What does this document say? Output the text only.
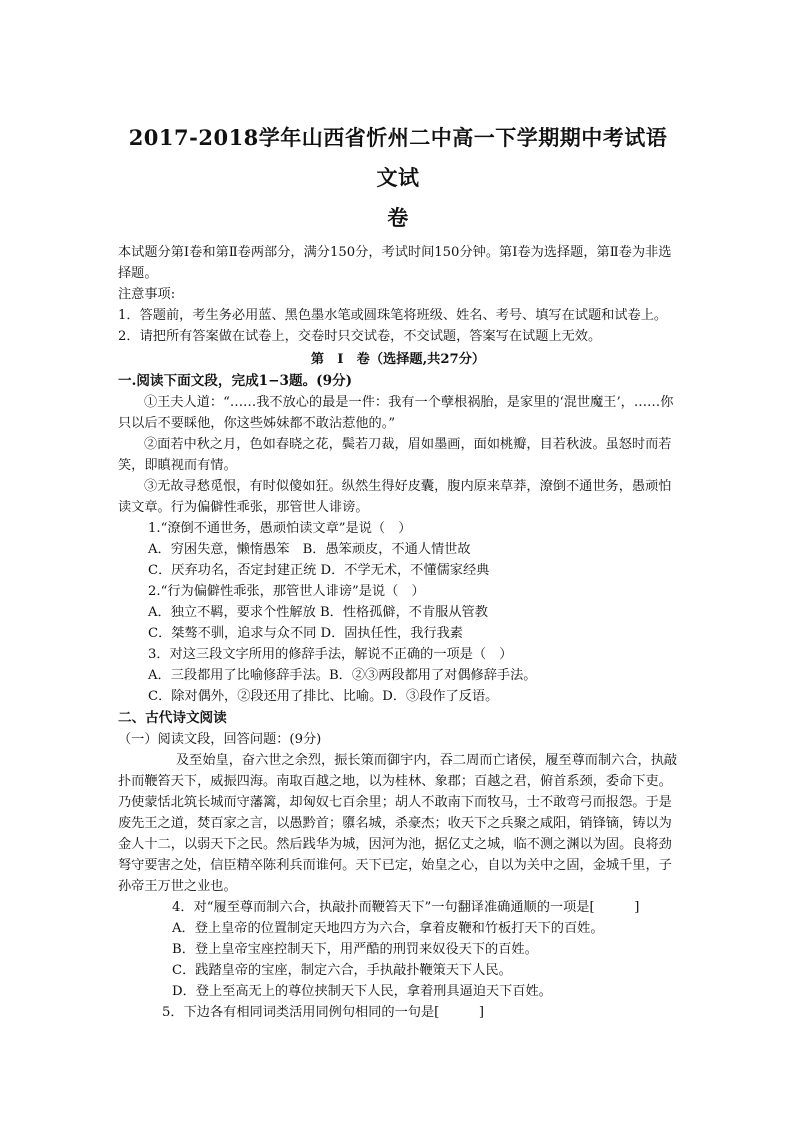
2017-2018学年山西省忻州二中高一下学期期中考试语文试
卷

本试题分第Ⅰ卷和第Ⅱ卷两部分，满分150分，考试时间150分钟。第Ⅰ卷为选择题，第Ⅱ卷为非选择题。

注意事项:

1．答题前，考生务必用蓝、黑色墨水笔或圆珠笔将班级、姓名、考号、填写在试题和试卷上。

2．请把所有答案做在试卷上，交卷时只交试卷，不交试题，答案写在试题上无效。

第　Ⅰ　卷（选择题,共27分）

一.阅读下面文段，完成1−3题。(9分)

①王夫人道：“……我不放心的最是一件：我有一个孽根祸胎，是家里的‘混世魔王’，……你只以后不要睬他，你这些姊妹都不敢沾惹他的。”

②面若中秋之月，色如春晓之花，鬓若刀裁，眉如墨画，面如桃瓣，目若秋波。虽怒时而若笑，即瞋视而有情。

③无故寻愁觅恨，有时似傻如狂。纵然生得好皮囊，腹内原来草莽，潦倒不通世务，愚顽怕读文章。行为偏僻性乖张，那管世人诽谤。

1.“潦倒不通世务，愚顽怕读文章”是说（　）

A．穷困失意，懒惰愚笨　B．愚笨顽皮，不通人情世故

C．厌弃功名，否定封建正统 D．不学无术，不懂儒家经典

2.“行为偏僻性乖张，那管世人诽谤”是说（　）

A．独立不羁，要求个性解放 B．性格孤僻，不肯服从管教

C．桀骜不驯，追求与众不同 D．固执任性，我行我素

3．对这三段文字所用的修辞手法，解说不正确的一项是（　）

A．三段都用了比喻修辞手法。B．②③两段都用了对偶修辞手法。

C．除对偶外，②段还用了排比、比喻。D．③段作了反语。

二、古代诗文阅读

（一）阅读文段，回答问题：(9分)

及至始皇，奋六世之余烈，振长策而御宇内，吞二周而亡诸侯，履至尊而制六合，执敲扑而鞭笞天下，威振四海。南取百越之地，以为桂林、象郡；百越之君，俯首系颈，委命下吏。乃使蒙恬北筑长城而守藩篱，却匈奴七百余里；胡人不敢南下而牧马，士不敢弯弓而报怨。于是废先王之道，焚百家之言，以愚黔首；隳名城，杀豪杰；收天下之兵聚之咸阳，销锋镝，铸以为金人十二，以弱天下之民。然后践华为城，因河为池，据亿丈之城，临不测之渊以为固。良将劲弩守要害之处，信臣精卒陈利兵而谁何。天下已定，始皇之心，自以为关中之固，金城千里，子孙帝王万世之业也。

4．对“履至尊而制六合，执敲扑而鞭笞天下”一句翻译准确通顺的一项是[　　　]

A．登上皇帝的位置制定天地四方为六合，拿着皮鞭和竹板打天下的百姓。

B．登上皇帝宝座控制天下，用严酷的刑罚来奴役天下的百姓。

C．践踏皇帝的宝座，制定六合，手执敲扑鞭策天下人民。

D．登上至高无上的尊位挟制天下人民，拿着刑具逼迫天下百姓。

5．下边各有相同词类活用同例句相同的一句是[　　　]
